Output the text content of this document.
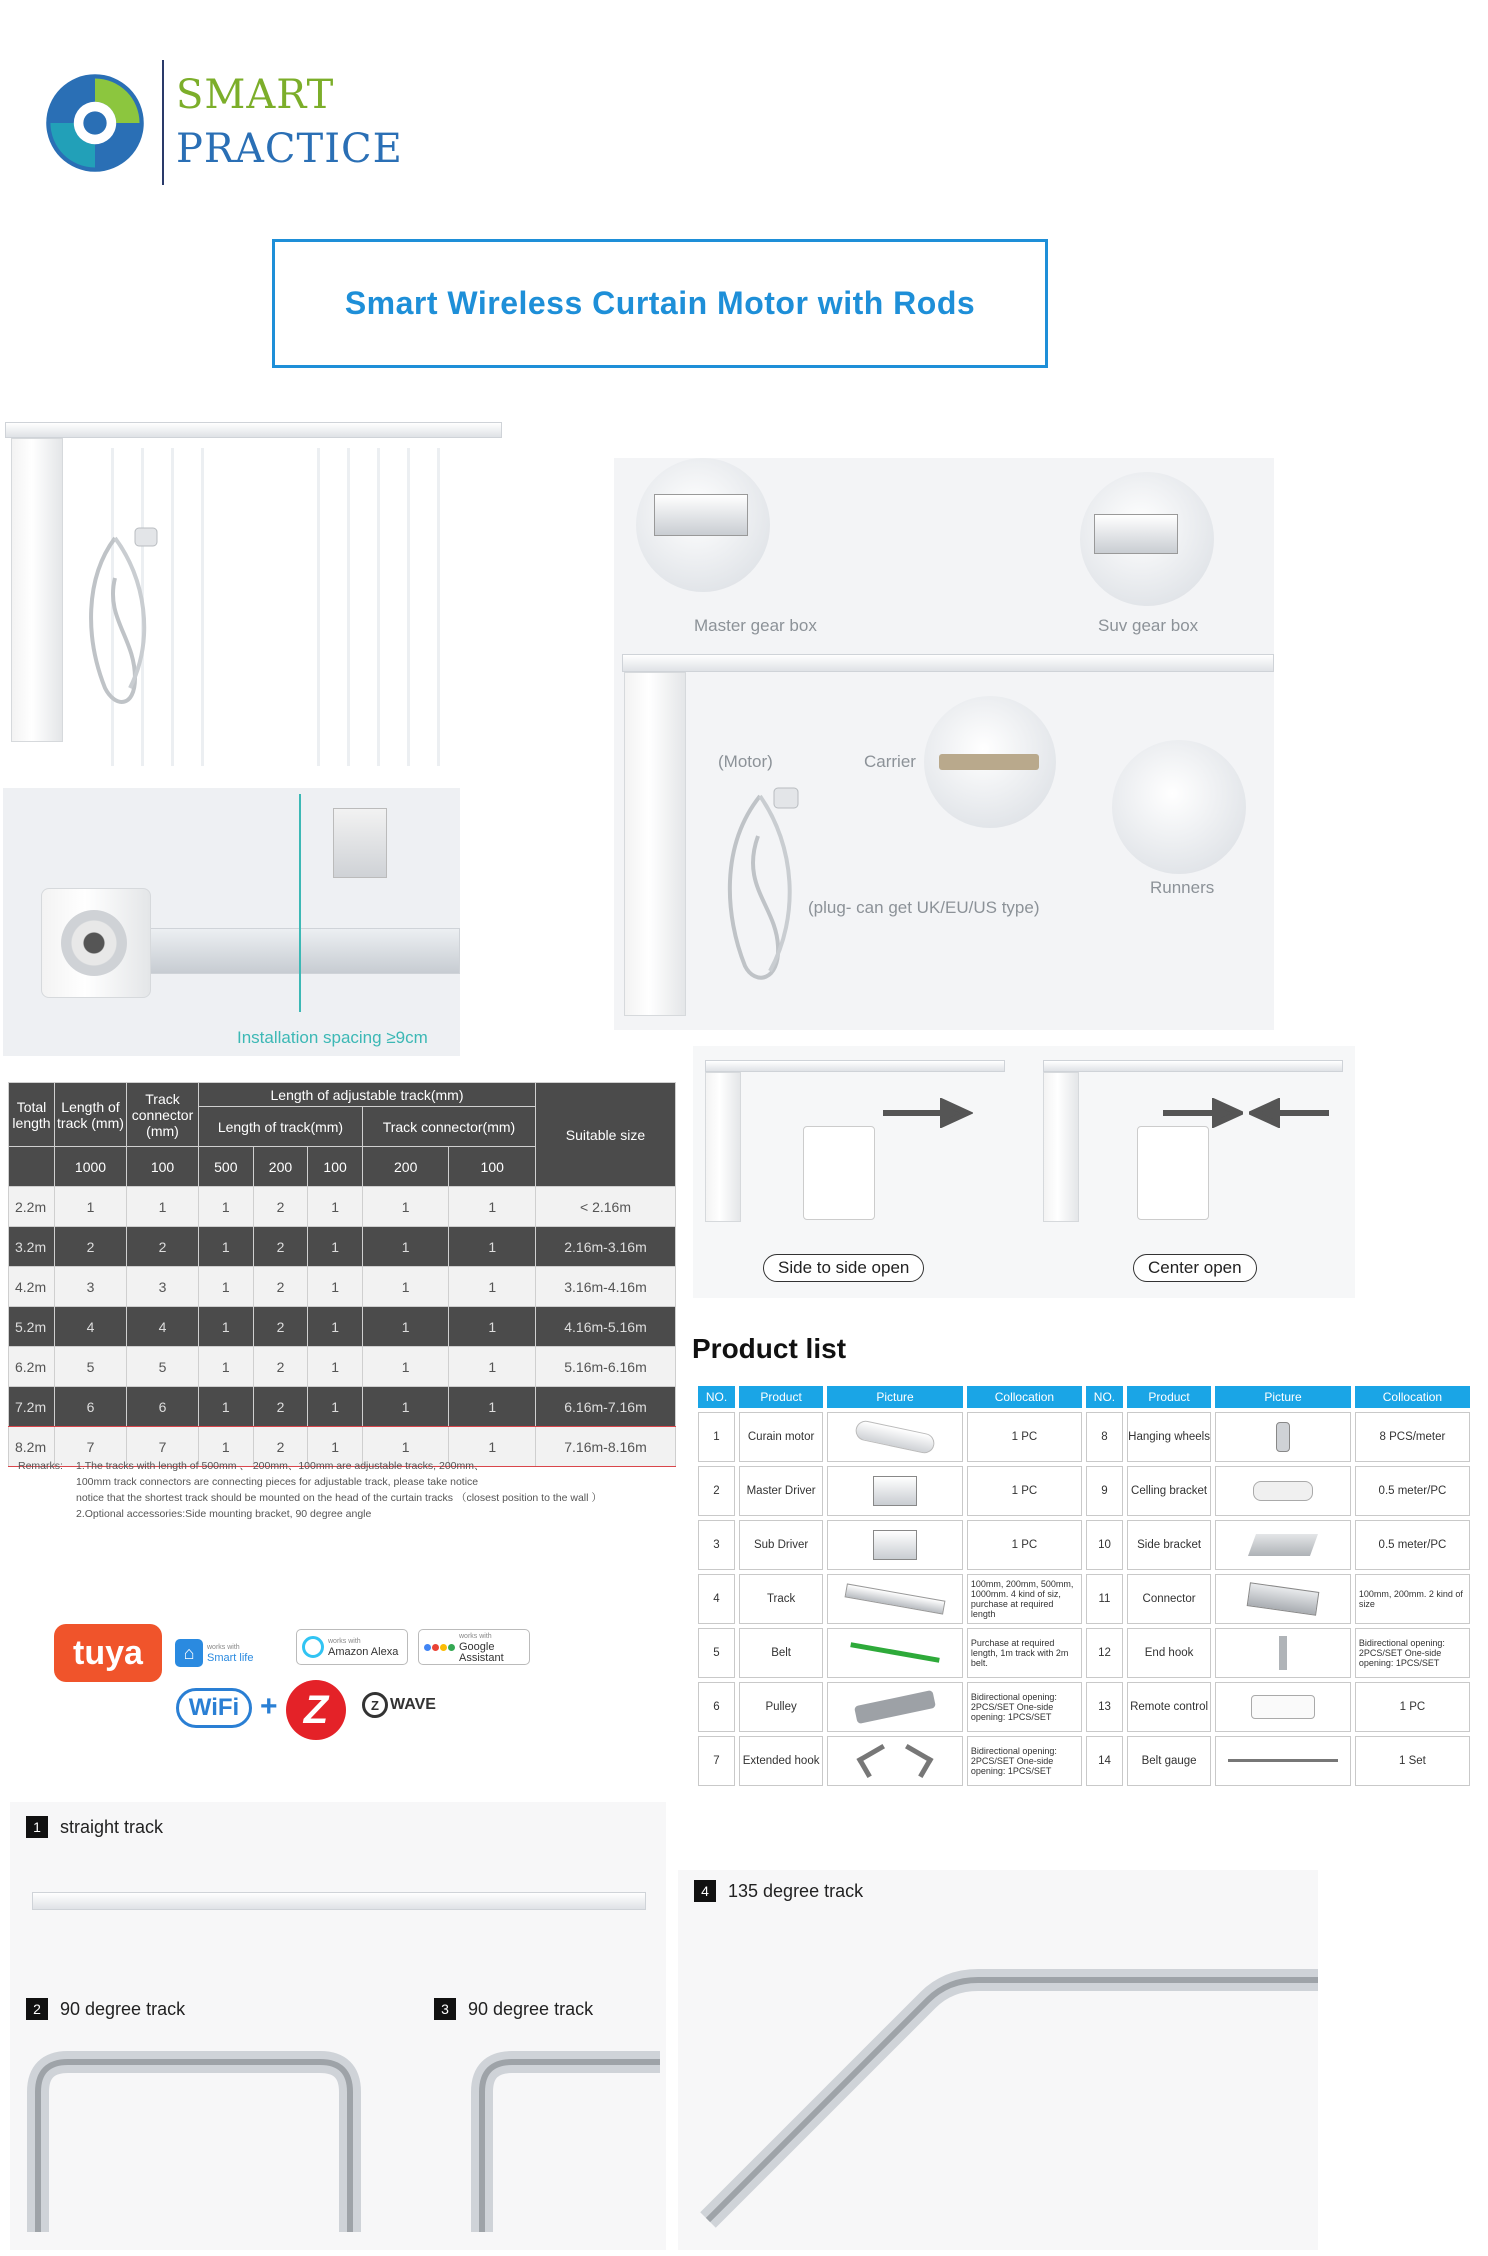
SMART
PRACTICE
Smart Wireless Curtain Motor with Rods
Installation spacing ≥9cm
Master gear box	Suv gear box
(Motor)	Carrier
Runners
(plug- can get UK/EU/US type)
Total length	Length of track (mm)	Track connector (mm)	Length of adjustable track(mm)					Suitable size
			Length of track(mm)			Track connector(mm)		
	1000	100	500	200	100	200	100	
2.2m	1	1	1	2	1	1	1	< 2.16m
3.2m	2	2	1	2	1	1	1	2.16m-3.16m
4.2m	3	3	1	2	1	1	1	3.16m-4.16m
5.2m	4	4	1	2	1	1	1	4.16m-5.16m
6.2m	5	5	1	2	1	1	1	5.16m-6.16m
7.2m	6	6	1	2	1	1	1	6.16m-7.16m
8.2m	7	7	1	2	1	1	1	7.16m-8.16m
Remarks:	1.The tracks with length of 500mm 、 200mm、100mm are adjustable tracks, 200mm、
100mm track connectors are connecting pieces for adjustable track, please take notice
notice that the shortest track should be mounted on the head of the curtain tracks （closest position to the wall ）
2.Optional accessories:Side mounting bracket, 90 degree angle
Side to side open	Center open
tuya	⌂	works with
Smart life
works with
Amazon Alexa
works with
Google Assistant
WiFi + Z	Z WAVE
Product list
NO.	Product	Picture	Collocation	NO.	Product	Picture	Collocation
1	Curain motor		1 PC	8	Hanging wheels		8 PCS/meter
2	Master Driver		1 PC	9	Celling bracket		0.5 meter/PC
3	Sub Driver		1 PC	10	Side bracket		0.5 meter/PC
4	Track		100mm, 200mm, 500mm, 1000mm. 4 kind of siz, purchase at required length	11	Connector		100mm, 200mm. 2 kind of size
5	Belt		Purchase at required length, 1m track with 2m belt.	12	End hook		Bidirectional opening: 2PCS/SET One-side opening: 1PCS/SET
6	Pulley		Bidirectional opening: 2PCS/SET One-side opening: 1PCS/SET	13	Remote control		1 PC
7	Extended hook		Bidirectional opening: 2PCS/SET One-side opening: 1PCS/SET	14	Belt gauge		1 Set
1	straight track
2	90 degree track	3	90 degree track
4	135 degree track
